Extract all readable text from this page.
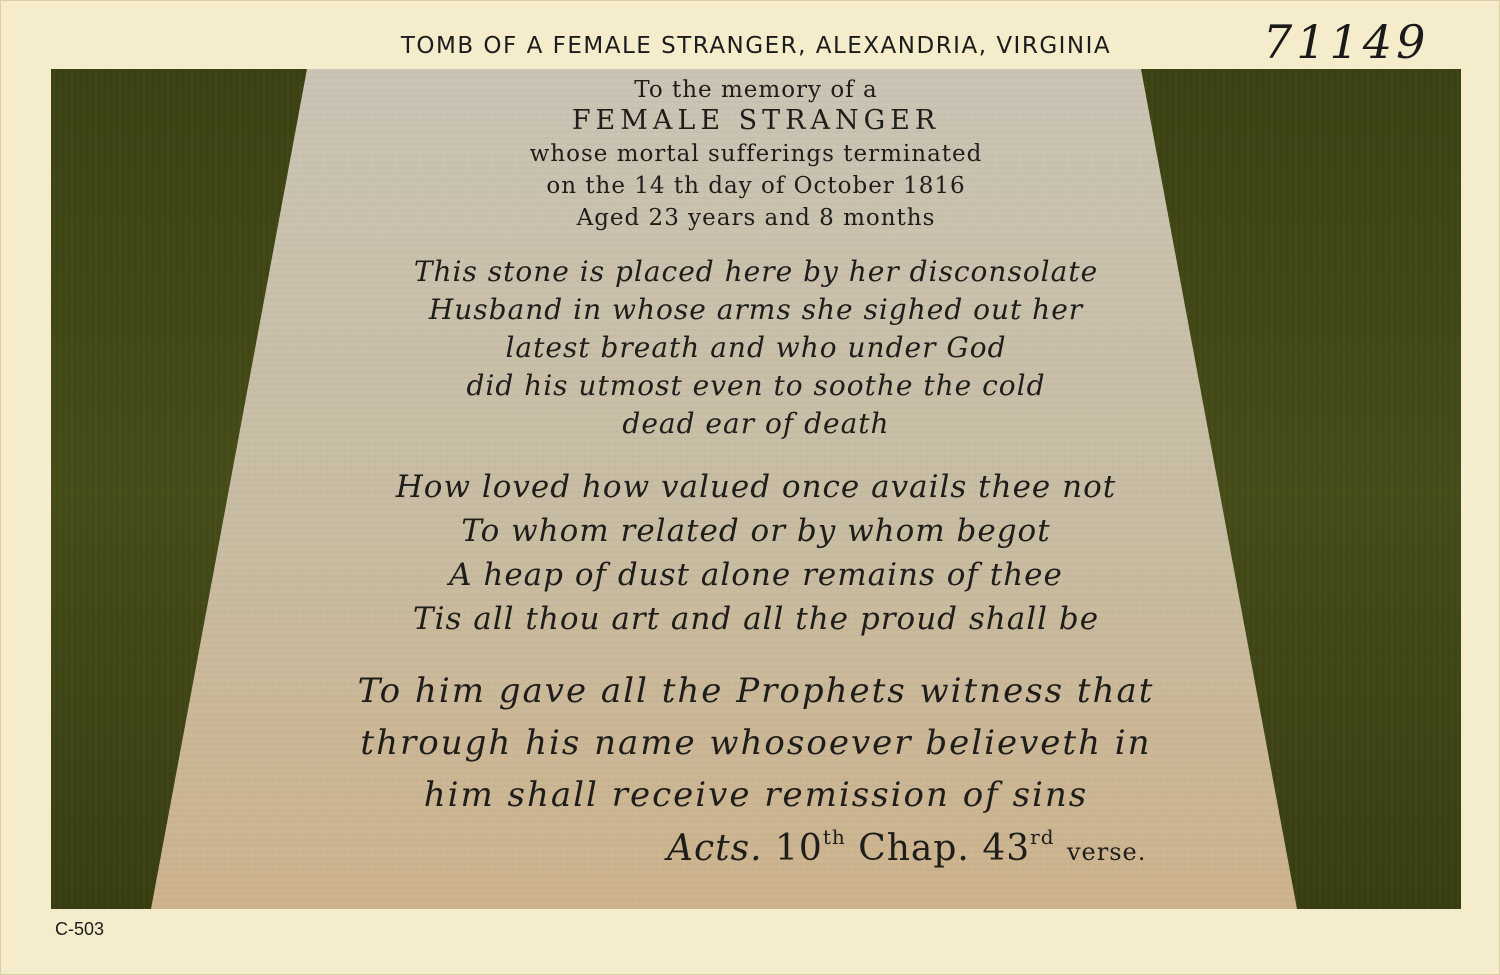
TOMB OF A FEMALE STRANGER, ALEXANDRIA, VIRGINIA	71149
To the memory of a
FEMALE STRANGER
whose mortal sufferings terminated
on the 14 th day of October 1816
Aged 23 years and 8 months
This stone is placed here by her disconsolate
Husband in whose arms she sighed out her
latest breath and who under God
did his utmost even to soothe the cold
dead ear of death
How loved how valued once avails thee not
To whom related or by whom begot
A heap of dust alone remains of thee
Tis all thou art and all the proud shall be
To him gave all the Prophets witness that
through his name whosoever believeth in
him shall receive remission of sins
Acts. 10th Chap. 43rd verse.
C-503
